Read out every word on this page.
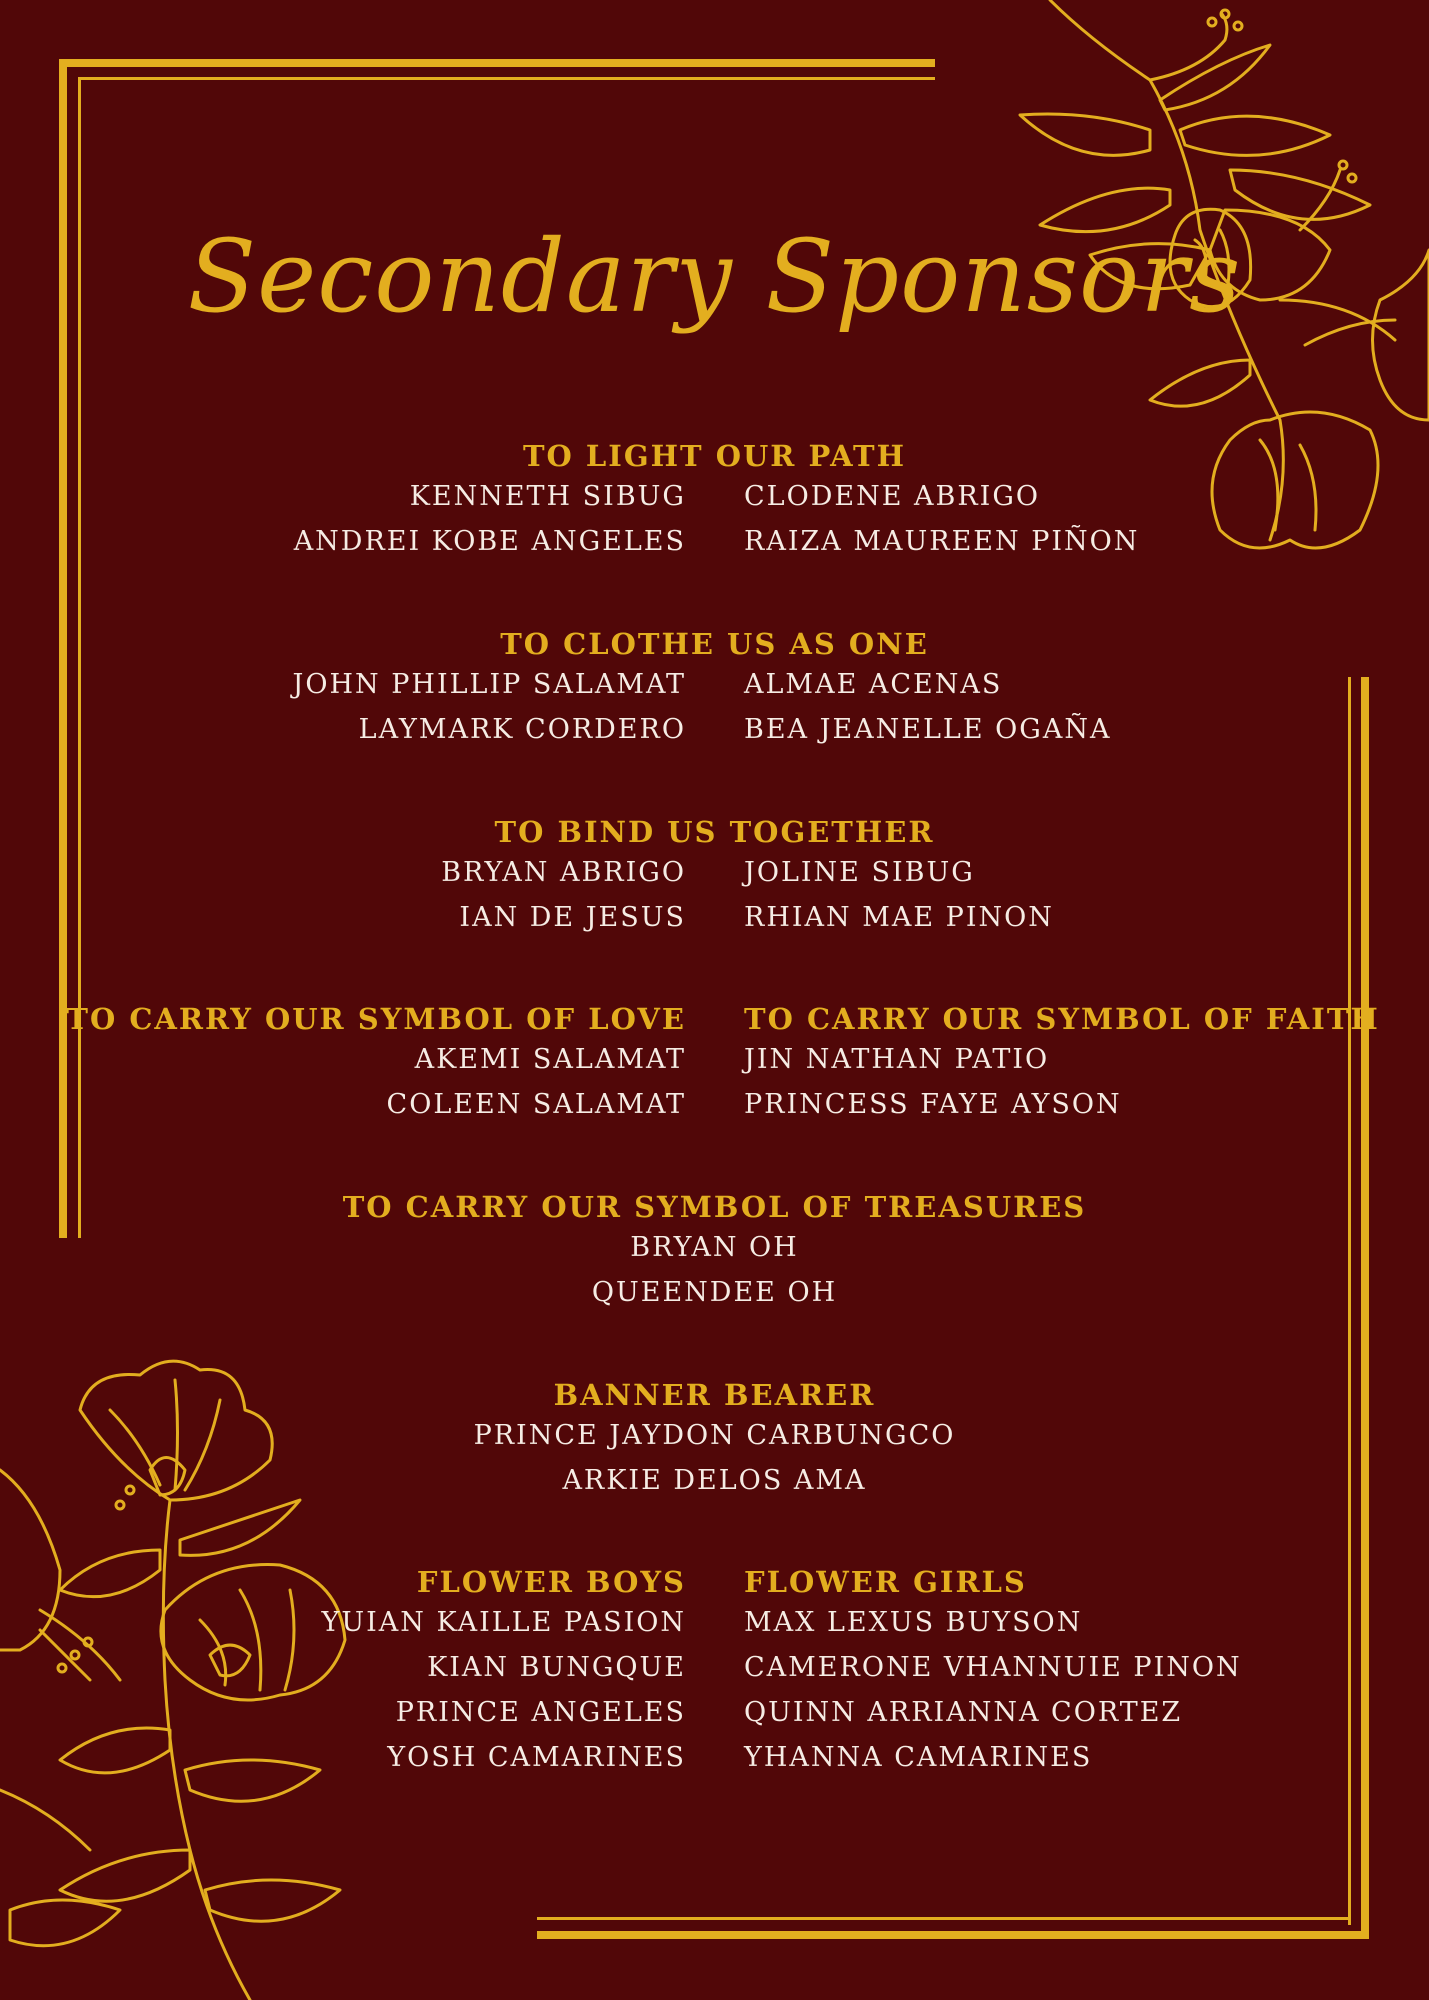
Secondary Sponsors
TO LIGHT OUR PATH
KENNETH SIBUG
ANDREI KOBE ANGELES
CLODENE ABRIGO
RAIZA MAUREEN PIÑON
TO CLOTHE US AS ONE
JOHN PHILLIP SALAMAT
LAYMARK CORDERO
ALMAE ACENAS
BEA JEANELLE OGAÑA
TO BIND US TOGETHER
BRYAN ABRIGO
IAN DE JESUS
JOLINE SIBUG
RHIAN MAE PINON
TO CARRY OUR SYMBOL OF LOVE TO CARRY OUR SYMBOL OF FAITH
AKEMI SALAMAT
COLEEN SALAMAT
JIN NATHAN PATIO
PRINCESS FAYE AYSON
TO CARRY OUR SYMBOL OF TREASURES
BRYAN OH
QUEENDEE OH
BANNER BEARER
PRINCE JAYDON CARBUNGCO
ARKIE DELOS AMA
FLOWER BOYS FLOWER GIRLS
YUIAN KAILLE PASION
KIAN BUNGQUE
PRINCE ANGELES
YOSH CAMARINES
MAX LEXUS BUYSON
CAMERONE VHANNUIE PINON
QUINN ARRIANNA CORTEZ
YHANNA CAMARINES
